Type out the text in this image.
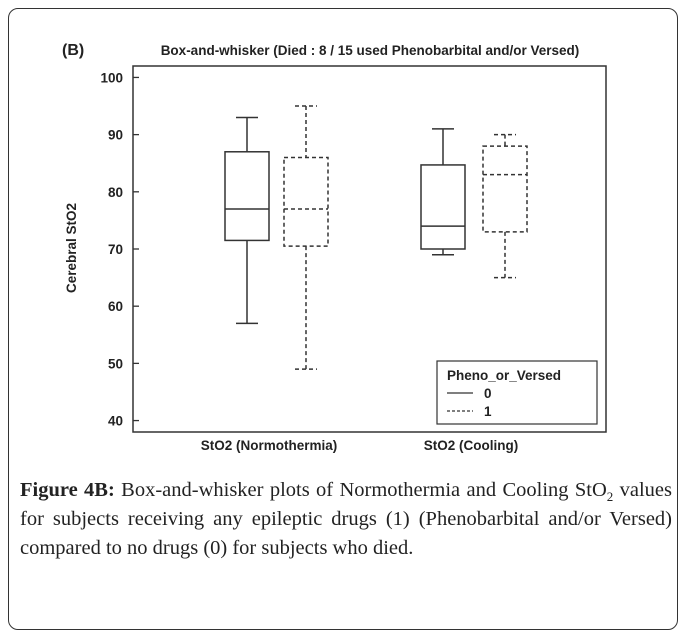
(B)	Box-and-whisker (Died : 8 / 15 used Phenobarbital and/or Versed)
Cerebral StO2
40
50
60
70
80
90
100
StO2 (Normothermia)	StO2 (Cooling)
Pheno_or_Versed
0
1
Figure 4B: Box-and-whisker plots of Normothermia and Cooling StO$_2$ values for subjects receiving any epileptic drugs (1) (Phenobarbital and/or Versed) compared to no drugs (0) for subjects who died.
